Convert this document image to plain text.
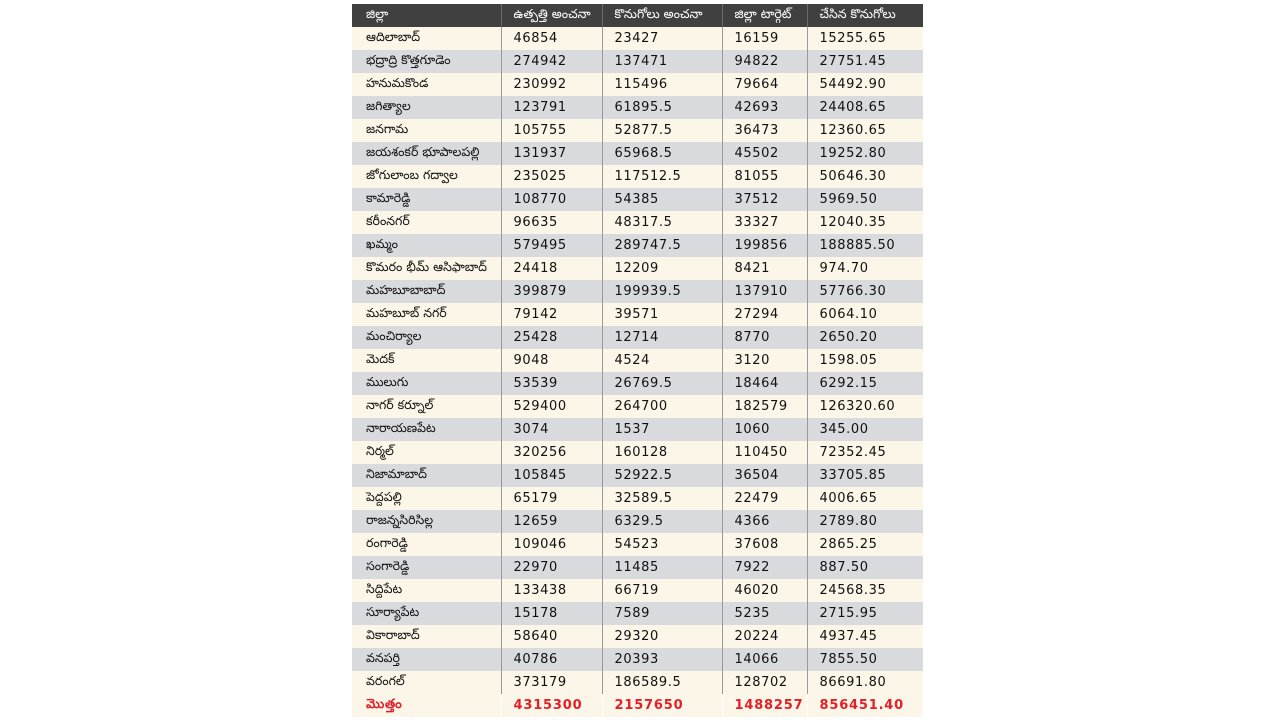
జిల్లా	ఉత్పత్తి అంచనా	కొనుగోలు అంచనా	జిల్లా టార్గెట్	చేసిన కొనుగోలు
ఆదిలాబాద్	46854	23427	16159	15255.65
భద్రాద్రి కొత్తగూడెం	274942	137471	94822	27751.45
హనుమకొండ	230992	115496	79664	54492.90
జగిత్యాల	123791	61895.5	42693	24408.65
జనగామ	105755	52877.5	36473	12360.65
జయశంకర్ భూపాలపల్లి	131937	65968.5	45502	19252.80
జోగులాంబ గద్వాల	235025	117512.5	81055	50646.30
కామారెడ్డి	108770	54385	37512	5969.50
కరీంనగర్	96635	48317.5	33327	12040.35
ఖమ్మం	579495	289747.5	199856	188885.50
కొమరం భీమ్ ఆసిఫాబాద్	24418	12209	8421	974.70
మహబూబాబాద్	399879	199939.5	137910	57766.30
మహబూబ్ నగర్	79142	39571	27294	6064.10
మంచిర్యాల	25428	12714	8770	2650.20
మెదక్	9048	4524	3120	1598.05
ములుగు	53539	26769.5	18464	6292.15
నాగర్ కర్నూల్	529400	264700	182579	126320.60
నారాయణపేట	3074	1537	1060	345.00
నిర్మల్	320256	160128	110450	72352.45
నిజామాబాద్	105845	52922.5	36504	33705.85
పెద్దపల్లి	65179	32589.5	22479	4006.65
రాజన్నసిరిసిల్ల	12659	6329.5	4366	2789.80
రంగారెడ్డి	109046	54523	37608	2865.25
సంగారెడ్డి	22970	11485	7922	887.50
సిద్దిపేట	133438	66719	46020	24568.35
సూర్యాపేట	15178	7589	5235	2715.95
వికారాబాద్	58640	29320	20224	4937.45
వనపర్తి	40786	20393	14066	7855.50
వరంగల్	373179	186589.5	128702	86691.80
మొత్తం	4315300	2157650	1488257	856451.40
